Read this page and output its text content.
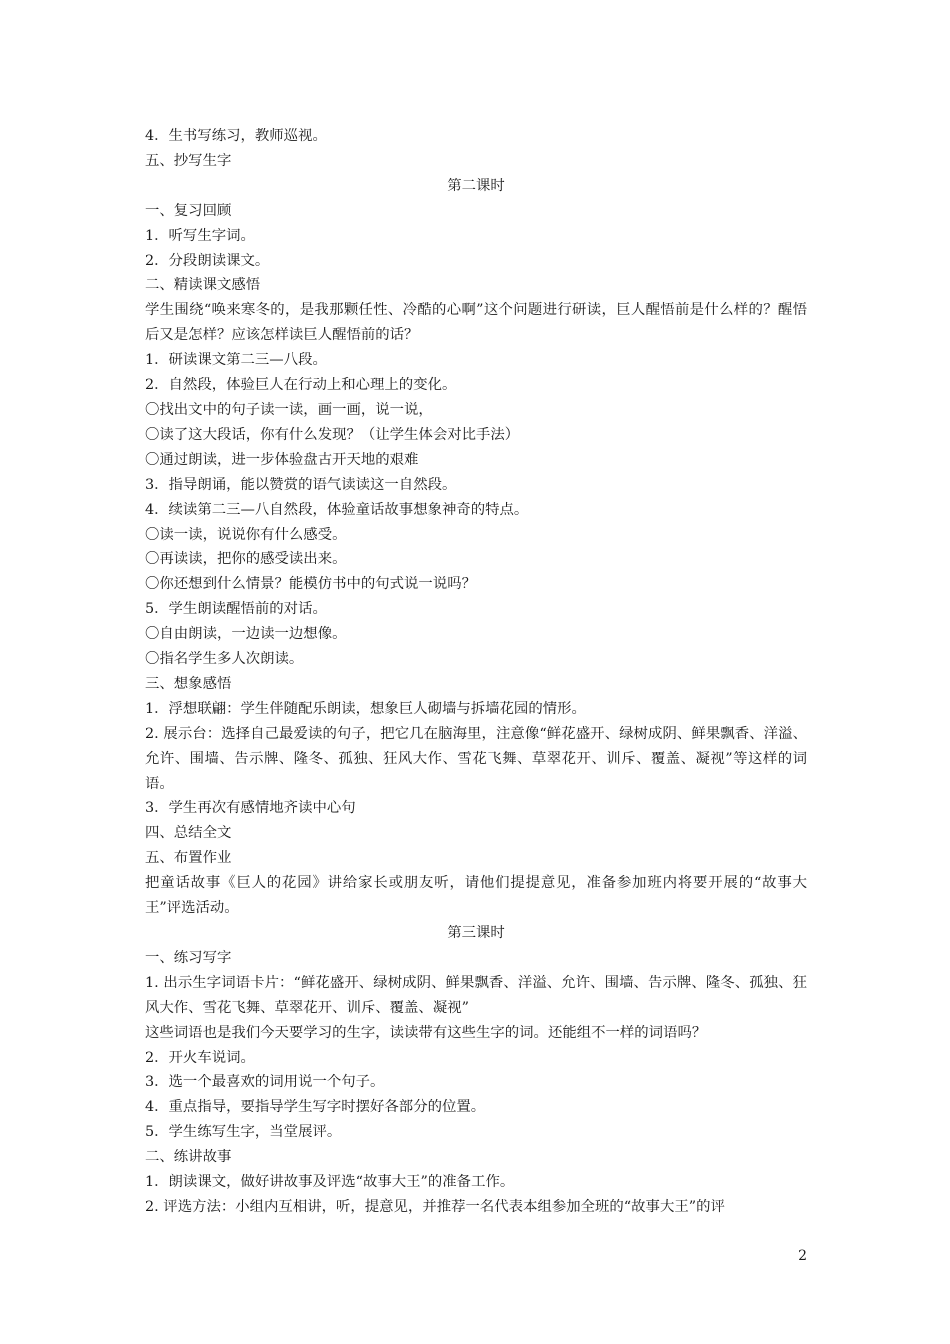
4．生书写练习，教师巡视。

五、抄写生字

第二课时

一、复习回顾

1．听写生字词。

2．分段朗读课文。

二、精读课文感悟

学生围绕“唤来寒冬的，是我那颗任性、冷酷的心啊”这个问题进行研读，巨人醒悟前是什么样的？醒悟后又是怎样？应该怎样读巨人醒悟前的话？

1．研读课文第二三—八段。

2．自然段，体验巨人在行动上和心理上的变化。

〇找出文中的句子读一读，画一画，说一说，

〇读了这大段话，你有什么发现？（让学生体会对比手法）

〇通过朗读，进一步体验盘古开天地的艰难

3．指导朗诵，能以赞赏的语气读读这一自然段。

4．续读第二三—八自然段，体验童话故事想象神奇的特点。

〇读一读，说说你有什么感受。

〇再读读，把你的感受读出来。

〇你还想到什么情景？能模仿书中的句式说一说吗？

5．学生朗读醒悟前的对话。

〇自由朗读，一边读一边想像。

〇指名学生多人次朗读。

三、想象感悟

1．浮想联翩：学生伴随配乐朗读，想象巨人砌墙与拆墙花园的情形。

2. 展示台：选择自己最爱读的句子，把它几在脑海里，注意像“鲜花盛开、绿树成阴、鲜果飘香、洋溢、允许、围墙、告示牌、隆冬、孤独、狂风大作、雪花飞舞、草翠花开、训斥、覆盖、凝视”等这样的词语。

3．学生再次有感情地齐读中心句

四、总结全文

五、布置作业

把童话故事《巨人的花园》讲给家长或朋友听，请他们提提意见，准备参加班内将要开展的“故事大王”评选活动。

第三课时

一、练习写字

1. 出示生字词语卡片：“鲜花盛开、绿树成阴、鲜果飘香、洋溢、允许、围墙、告示牌、隆冬、孤独、狂风大作、雪花飞舞、草翠花开、训斥、覆盖、凝视”

这些词语也是我们今天要学习的生字，读读带有这些生字的词。还能组不一样的词语吗？

2．开火车说词。

3．选一个最喜欢的词用说一个句子。

4．重点指导，要指导学生写字时摆好各部分的位置。

5．学生练写生字，当堂展评。

二、练讲故事

1．朗读课文，做好讲故事及评选“故事大王”的准备工作。

2. 评选方法：小组内互相讲，听，提意见，并推荐一名代表本组参加全班的“故事大王”的评

2
